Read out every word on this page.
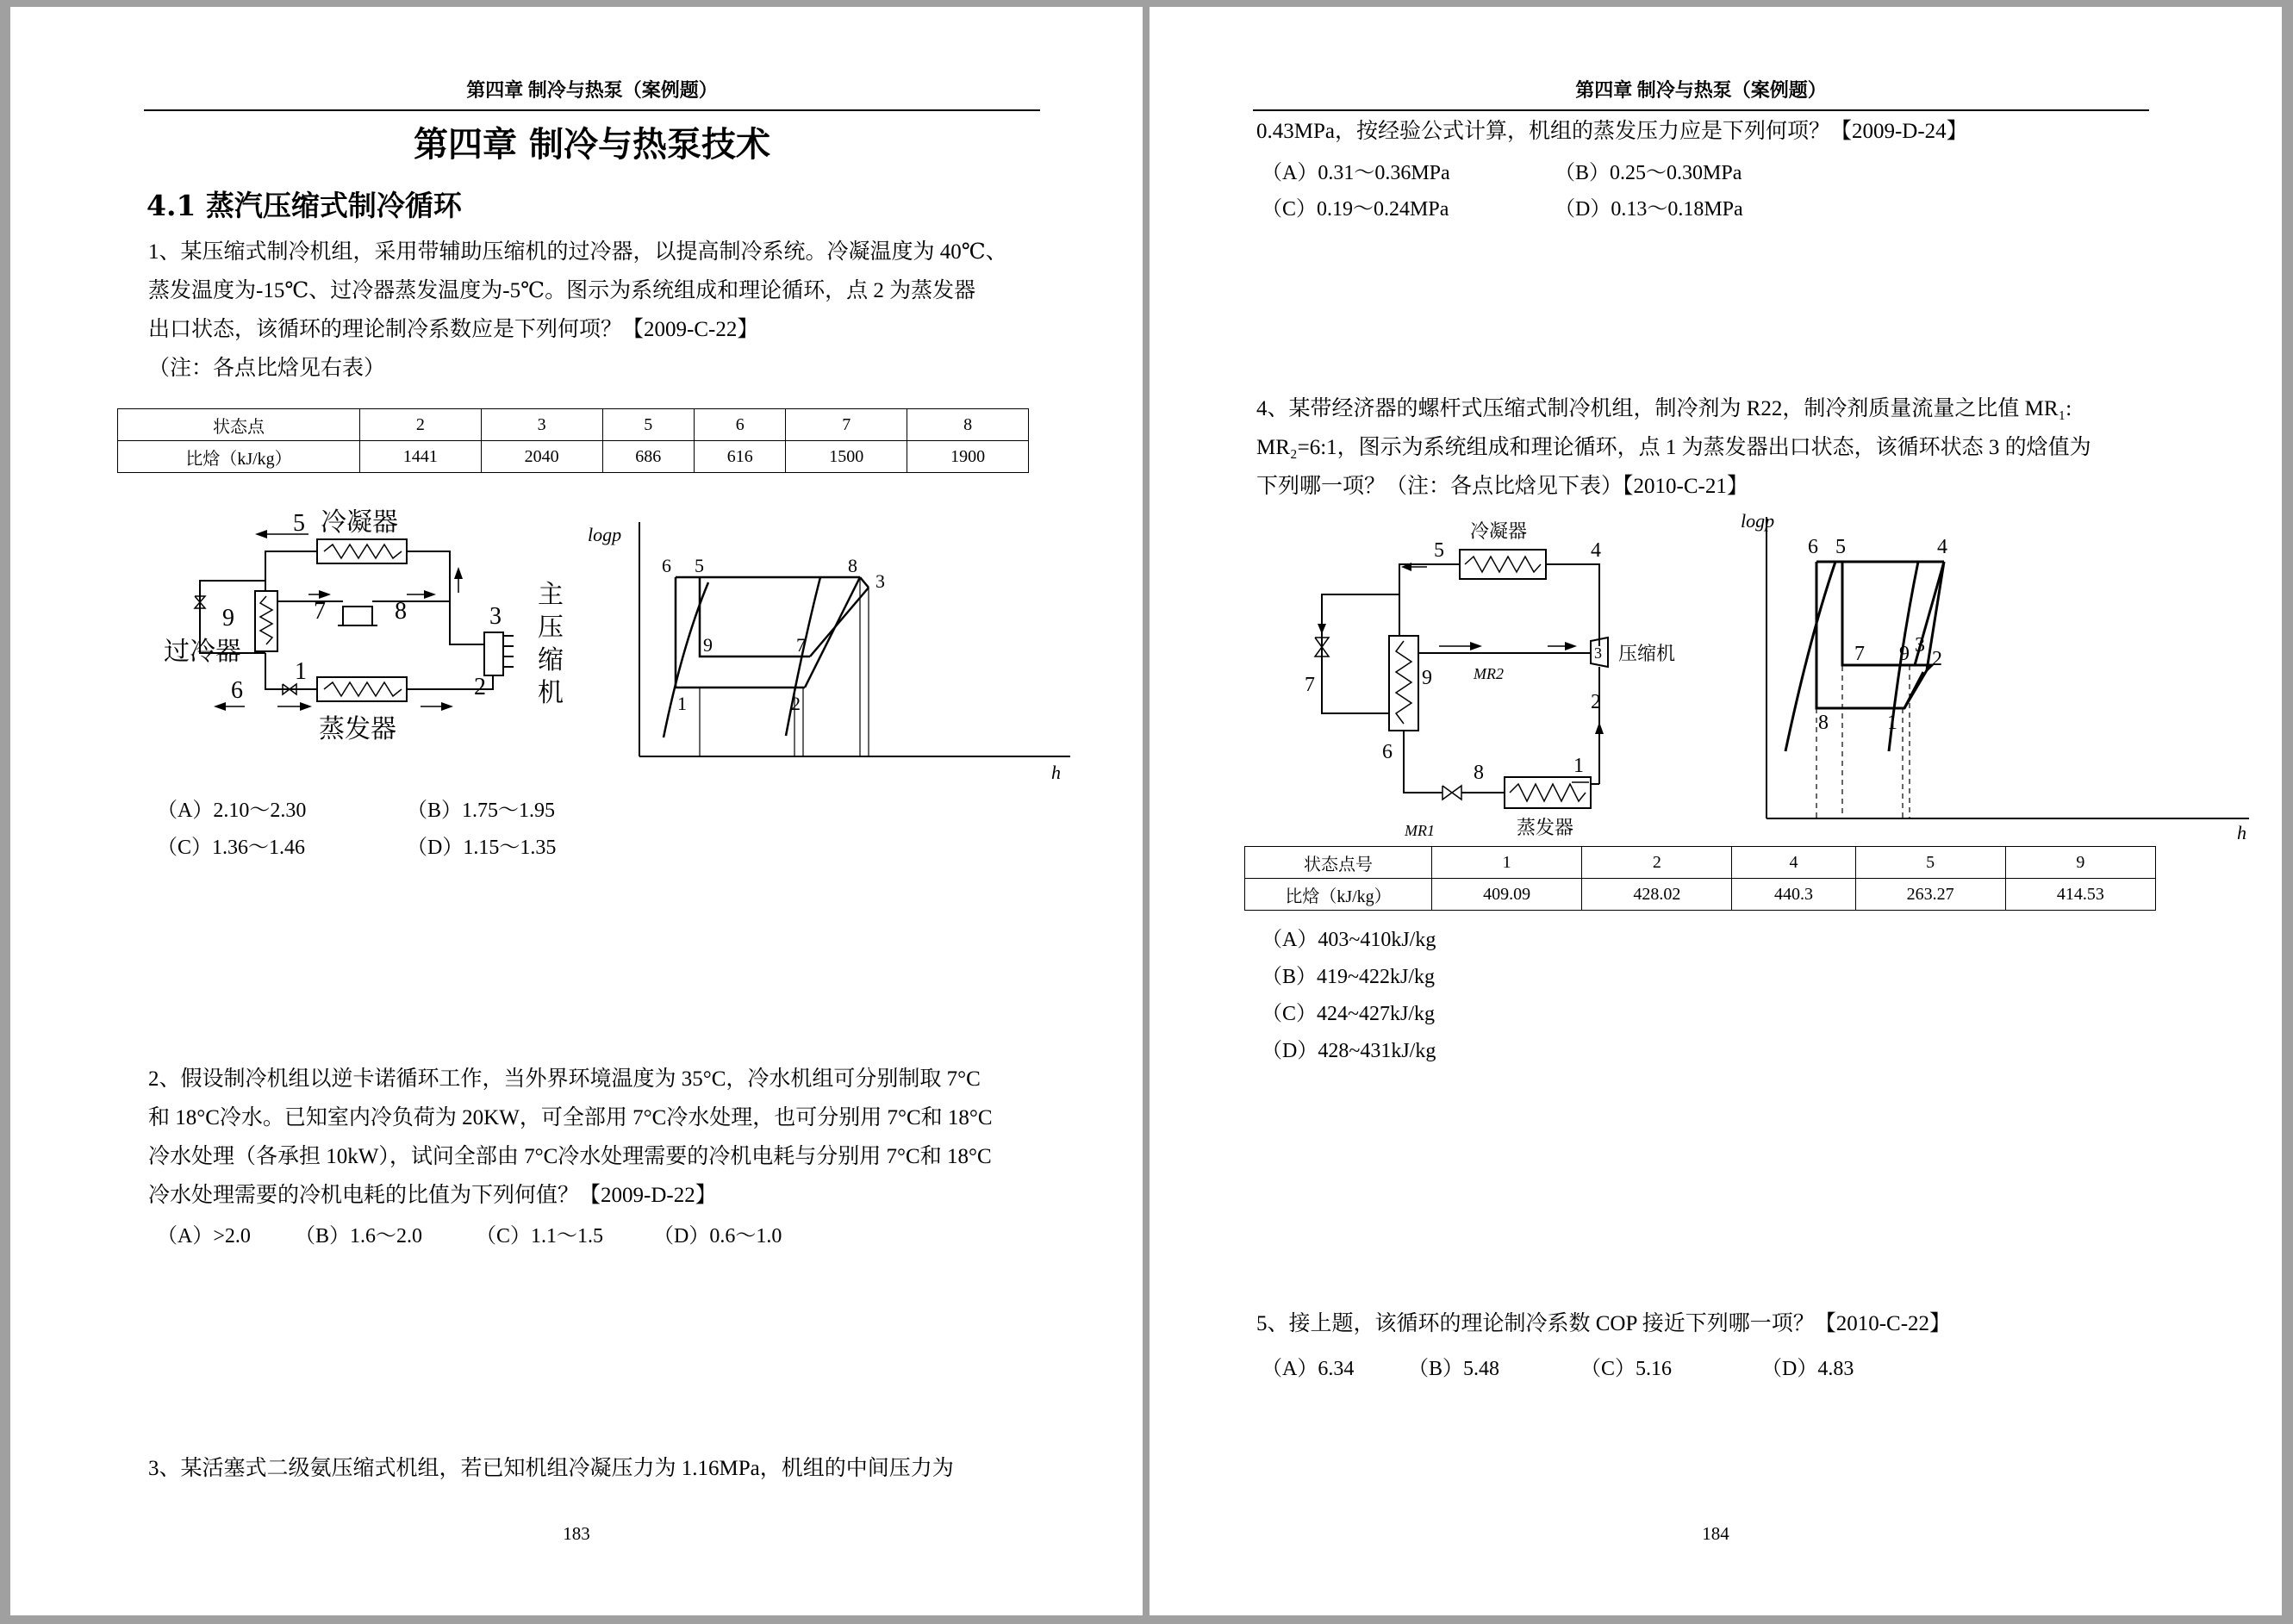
第四章 制冷与热泵（案例题）
第四章 制冷与热泵技术
4.1 蒸汽压缩式制冷循环
1、某压缩式制冷机组，采用带辅助压缩机的过冷器，以提高制冷系统。冷凝温度为 40℃、
蒸发温度为-15℃、过冷器蒸发温度为-5℃。图示为系统组成和理论循环，点 2 为蒸发器
出口状态，该循环的理论制冷系数应是下列何项？【2009-C-22】
（注：各点比焓见右表）
状态点	2	3	5	6	7	8
比焓（kJ/kg）	1441	2040	686	616	1500	1900
冷凝器
5
9
过冷器
7	8	3
主
压
缩
机
1
2
6
蒸发器
logp
h
6 5	8
3
9	7
1	2
（A）2.10～2.30	（B）1.75～1.95
（C）1.36～1.46	（D）1.15～1.35
2、假设制冷机组以逆卡诺循环工作，当外界环境温度为 35°C，冷水机组可分别制取 7°C
和 18°C冷水。已知室内冷负荷为 20KW，可全部用 7°C冷水处理，也可分别用 7°C和 18°C
冷水处理（各承担 10kW），试问全部由 7°C冷水处理需要的冷机电耗与分别用 7°C和 18°C
冷水处理需要的冷机电耗的比值为下列何值？【2009-D-22】
（A）>2.0 （B）1.6～2.0	（C）1.1～1.5 （D）0.6～1.0
3、某活塞式二级氨压缩式机组，若已知机组冷凝压力为 1.16MPa，机组的中间压力为
183
第四章 制冷与热泵（案例题）
0.43MPa，按经验公式计算，机组的蒸发压力应是下列何项？【2009-D-24】
（A）0.31～0.36MPa	（B）0.25～0.30MPa
（C）0.19～0.24MPa	（D）0.13～0.18MPa
4、某带经济器的螺杆式压缩式制冷机组，制冷剂为 R22，制冷剂质量流量之比值 MR₁:
MR₂=6:1，图示为系统组成和理论循环，点 1 为蒸发器出口状态，该循环状态 3 的焓值为
下列哪一项？（注：各点比焓见下表）【2010-C-21】
冷凝器
4
5
9
7	MR2
3 压缩机
2
6
8	1
蒸发器
MR1
logp
h
6 5	4
7 9 3
2
8	1
状态点号	1	2	4	5	9
比焓（kJ/kg）	409.09	428.02	440.3	263.27	414.53
（A）403~410kJ/kg
（B）419~422kJ/kg
（C）424~427kJ/kg
（D）428~431kJ/kg
5、接上题，该循环的理论制冷系数 COP 接近下列哪一项？【2010-C-22】
（A）6.34	（B）5.48	（C）5.16	（D）4.83
184
